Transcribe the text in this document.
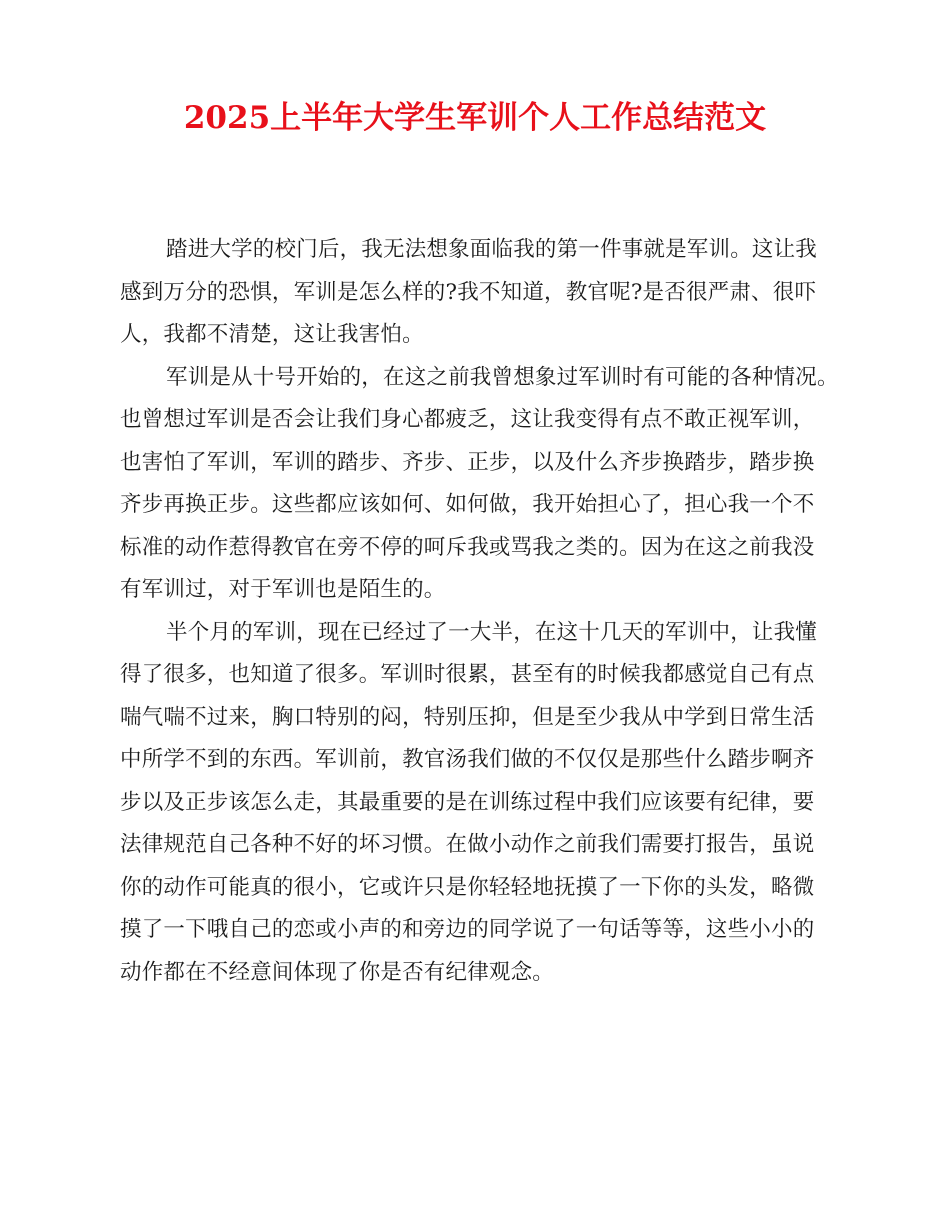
2025上半年大学生军训个人工作总结范文
踏进大学的校门后，我无法想象面临我的第一件事就是军训。这让我
感到万分的恐惧，军训是怎么样的?我不知道，教官呢?是否很严肃、很吓
人，我都不清楚，这让我害怕。
军训是从十号开始的，在这之前我曾想象过军训时有可能的各种情况。
也曾想过军训是否会让我们身心都疲乏，这让我变得有点不敢正视军训，
也害怕了军训，军训的踏步、齐步、正步，以及什么齐步换踏步，踏步换
齐步再换正步。这些都应该如何、如何做，我开始担心了，担心我一个不
标准的动作惹得教官在旁不停的呵斥我或骂我之类的。因为在这之前我没
有军训过，对于军训也是陌生的。
半个月的军训，现在已经过了一大半，在这十几天的军训中，让我懂
得了很多，也知道了很多。军训时很累，甚至有的时候我都感觉自己有点
喘气喘不过来，胸口特别的闷，特别压抑，但是至少我从中学到日常生活
中所学不到的东西。军训前，教官汤我们做的不仅仅是那些什么踏步啊齐
步以及正步该怎么走，其最重要的是在训练过程中我们应该要有纪律，要
法律规范自己各种不好的坏习惯。在做小动作之前我们需要打报告，虽说
你的动作可能真的很小，它或许只是你轻轻地抚摸了一下你的头发，略微
摸了一下哦自己的恋或小声的和旁边的同学说了一句话等等，这些小小的
动作都在不经意间体现了你是否有纪律观念。
